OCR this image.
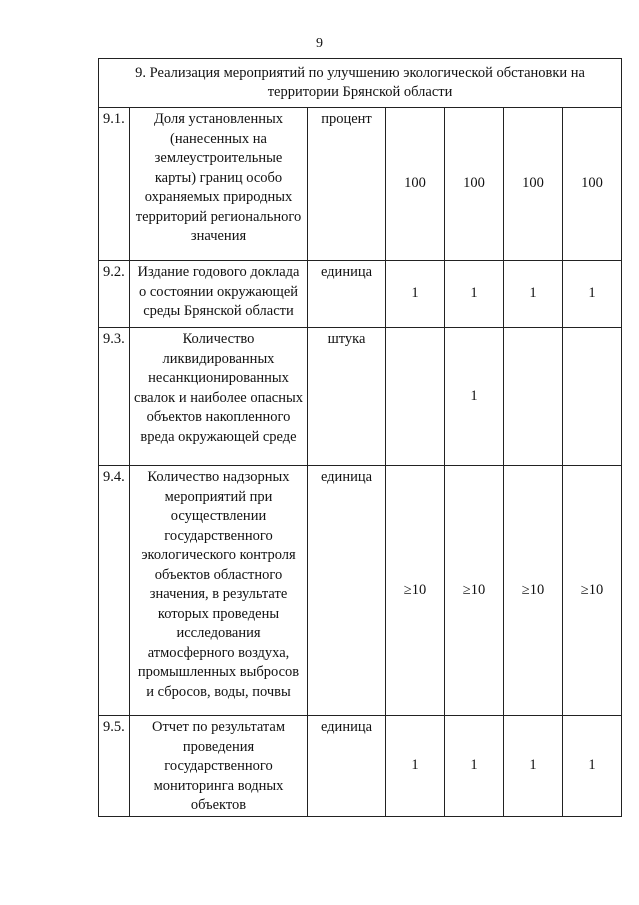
9
9. Реализация мероприятий по улучшению экологической обстановки на территории Брянской области						
9.1.	Доля установленных (нанесенных на землеустроительные карты) границ особо охраняемых природных территорий регионального значения	процент	100	100	100	100
9.2.	Издание годового доклада о состоянии окружающей среды Брянской области	единица	1	1	1	1
9.3.	Количество ликвидированных несанкционированных свалок и наиболее опасных объектов накопленного вреда окружающей среде	штука		1		
9.4.	Количество надзорных мероприятий при осуществлении государственного экологического контроля объектов областного значения, в результате которых проведены исследования атмосферного воздуха, промышленных выбросов и сбросов, воды, почвы	единица	≥10	≥10	≥10	≥10
9.5.	Отчет по результатам проведения государственного мониторинга водных объектов	единица	1	1	1	1
